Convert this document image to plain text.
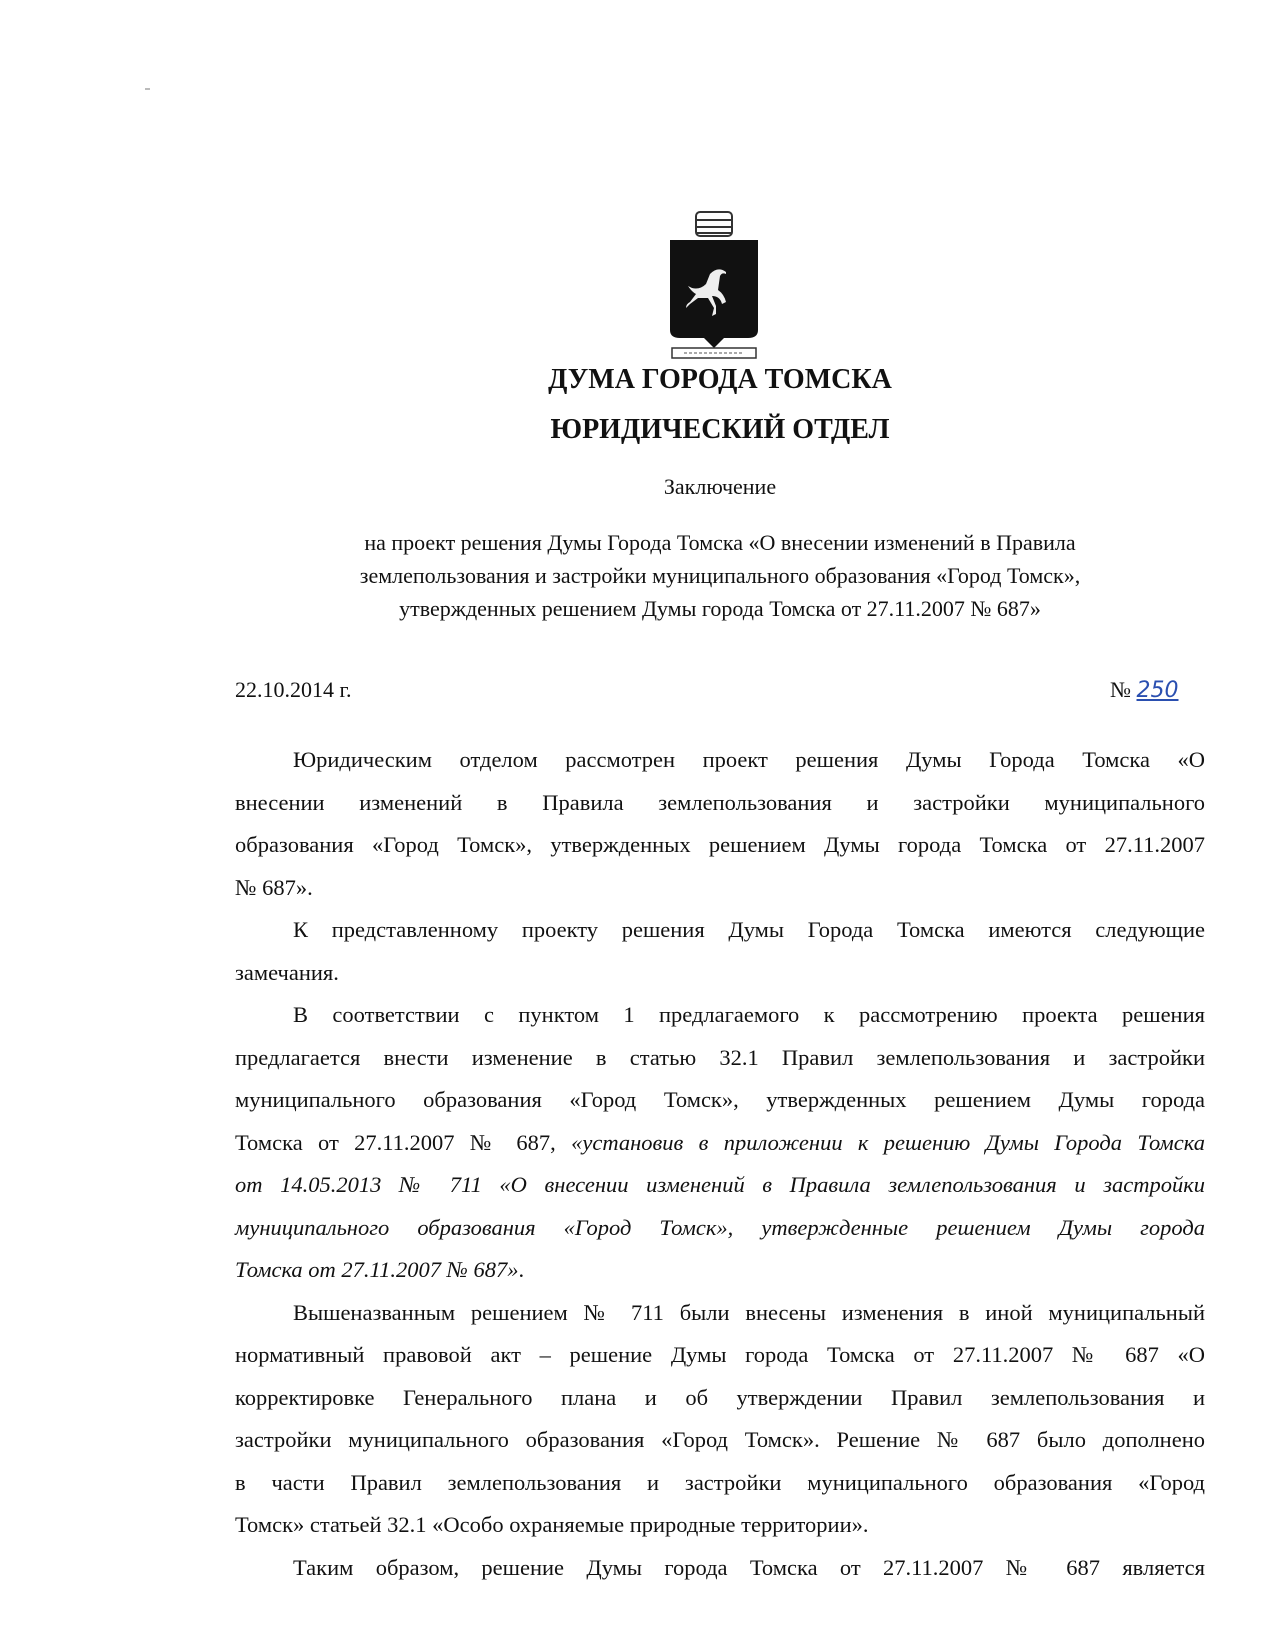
ДУМА ГОРОДА ТОМСКА
ЮРИДИЧЕСКИЙ ОТДЕЛ
Заключение
на проект решения Думы Города Томска «О внесении изменений в Правила
землепользования и застройки муниципального образования «Город Томск»,
утвержденных решением Думы города Томска от 27.11.2007 № 687»
22.10.2014 г.	№ 250
Юридическим отделом рассмотрен проект решения Думы Города Томска «О
внесении изменений в Правила землепользования и застройки муниципального
образования «Город Томск», утвержденных решением Думы города Томска от 27.11.2007
№ 687».
К представленному проекту решения Думы Города Томска имеются следующие
замечания.
В соответствии с пунктом 1 предлагаемого к рассмотрению проекта решения
предлагается внести изменение в статью 32.1 Правил землепользования и застройки
муниципального образования «Город Томск», утвержденных решением Думы города
Томска от 27.11.2007 № 687, «установив в приложении к решению Думы Города Томска
от 14.05.2013 № 711 «О внесении изменений в Правила землепользования и застройки
муниципального образования «Город Томск», утвержденные решением Думы города
Томска от 27.11.2007 № 687».
Вышеназванным решением № 711 были внесены изменения в иной муниципальный
нормативный правовой акт – решение Думы города Томска от 27.11.2007 № 687 «О
корректировке Генерального плана и об утверждении Правил землепользования и
застройки муниципального образования «Город Томск». Решение № 687 было дополнено
в части Правил землепользования и застройки муниципального образования «Город
Томск» статьей 32.1 «Особо охраняемые природные территории».
Таким образом, решение Думы города Томска от 27.11.2007 № 687 является
